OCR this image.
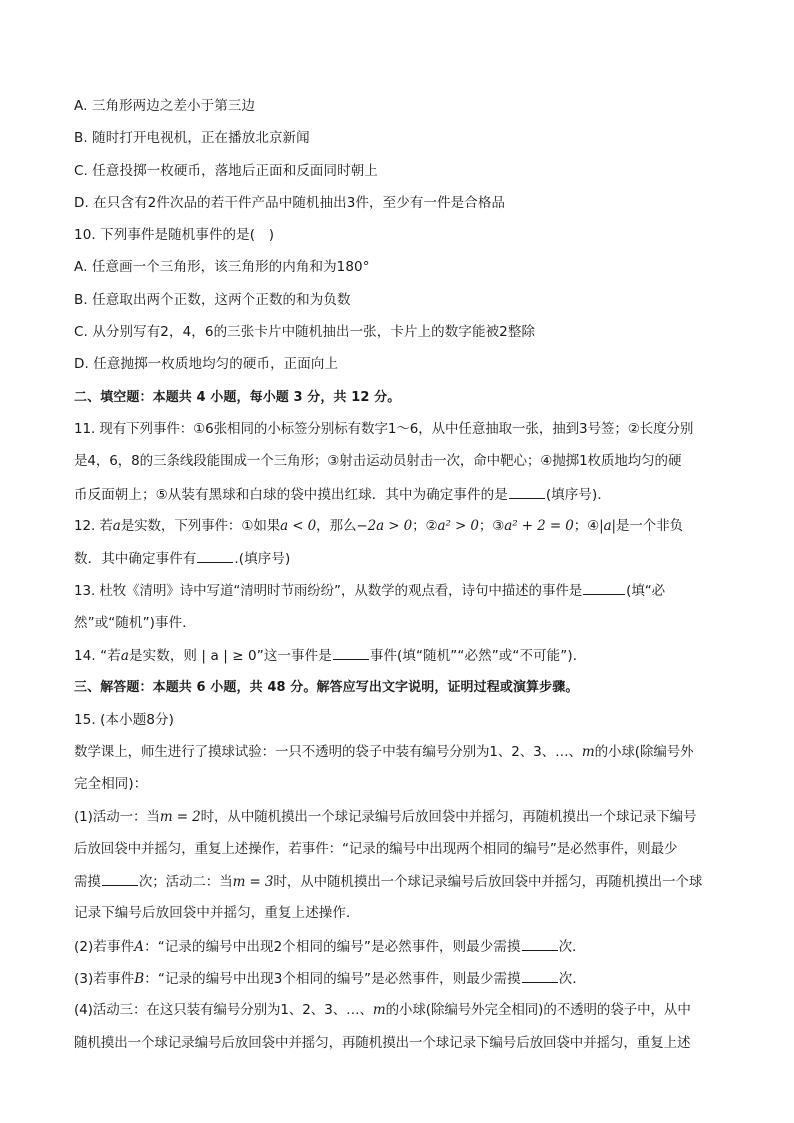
A. 三角形两边之差小于第三边
B. 随时打开电视机，正在播放北京新闻
C. 任意投掷一枚硬币，落地后正面和反面同时朝上
D. 在只含有2件次品的若干件产品中随机抽出3件，至少有一件是合格品
10. 下列事件是随机事件的是(　)
A. 任意画一个三角形，该三角形的内角和为180°
B. 任意取出两个正数，这两个正数的和为负数
C. 从分别写有2，4，6的三张卡片中随机抽出一张，卡片上的数字能被2整除
D. 任意抛掷一枚质地均匀的硬币，正面向上
二、填空题：本题共 4 小题，每小题 3 分，共 12 分。
11. 现有下列事件：①6张相同的小标签分别标有数字1～6，从中任意抽取一张，抽到3号签；②长度分别
是4，6，8的三条线段能围成一个三角形；③射击运动员射击一次，命中靶心；④抛掷1枚质地均匀的硬
币反面朝上；⑤从装有黑球和白球的袋中摸出红球．其中为确定事件的是	(填序号)．
12. 若a是实数，下列事件：①如果a < 0，那么−2a > 0；②a² > 0；③a² + 2 = 0；④|a|是一个非负
数．其中确定事件有	.(填序号)
13. 杜牧《清明》诗中写道“清明时节雨纷纷”，从数学的观点看，诗句中描述的事件是	(填“必
然”或“随机”)事件．
14. “若a是实数，则 | a | ≥ 0”这一事件是	事件(填“随机”“必然”或“不可能”)．
三、解答题：本题共 6 小题，共 48 分。解答应写出文字说明，证明过程或演算步骤。
15. (本小题8分)
数学课上，师生进行了摸球试验：一只不透明的袋子中装有编号分别为1、2、3、…、m的小球(除编号外
完全相同)：
(1)活动一：当m = 2时，从中随机摸出一个球记录编号后放回袋中并摇匀，再随机摸出一个球记录下编号
后放回袋中并摇匀，重复上述操作，若事件：“记录的编号中出现两个相同的编号”是必然事件，则最少
需摸	次；活动二：当m = 3时，从中随机摸出一个球记录编号后放回袋中并摇匀，再随机摸出一个球
记录下编号后放回袋中并摇匀，重复上述操作．
(2)若事件A：“记录的编号中出现2个相同的编号”是必然事件，则最少需摸	次．
(3)若事件B：“记录的编号中出现3个相同的编号”是必然事件，则最少需摸	次．
(4)活动三：在这只装有编号分别为1、2、3、…、m的小球(除编号外完全相同)的不透明的袋子中，从中
随机摸出一个球记录编号后放回袋中并摇匀，再随机摸出一个球记录下编号后放回袋中并摇匀，重复上述
